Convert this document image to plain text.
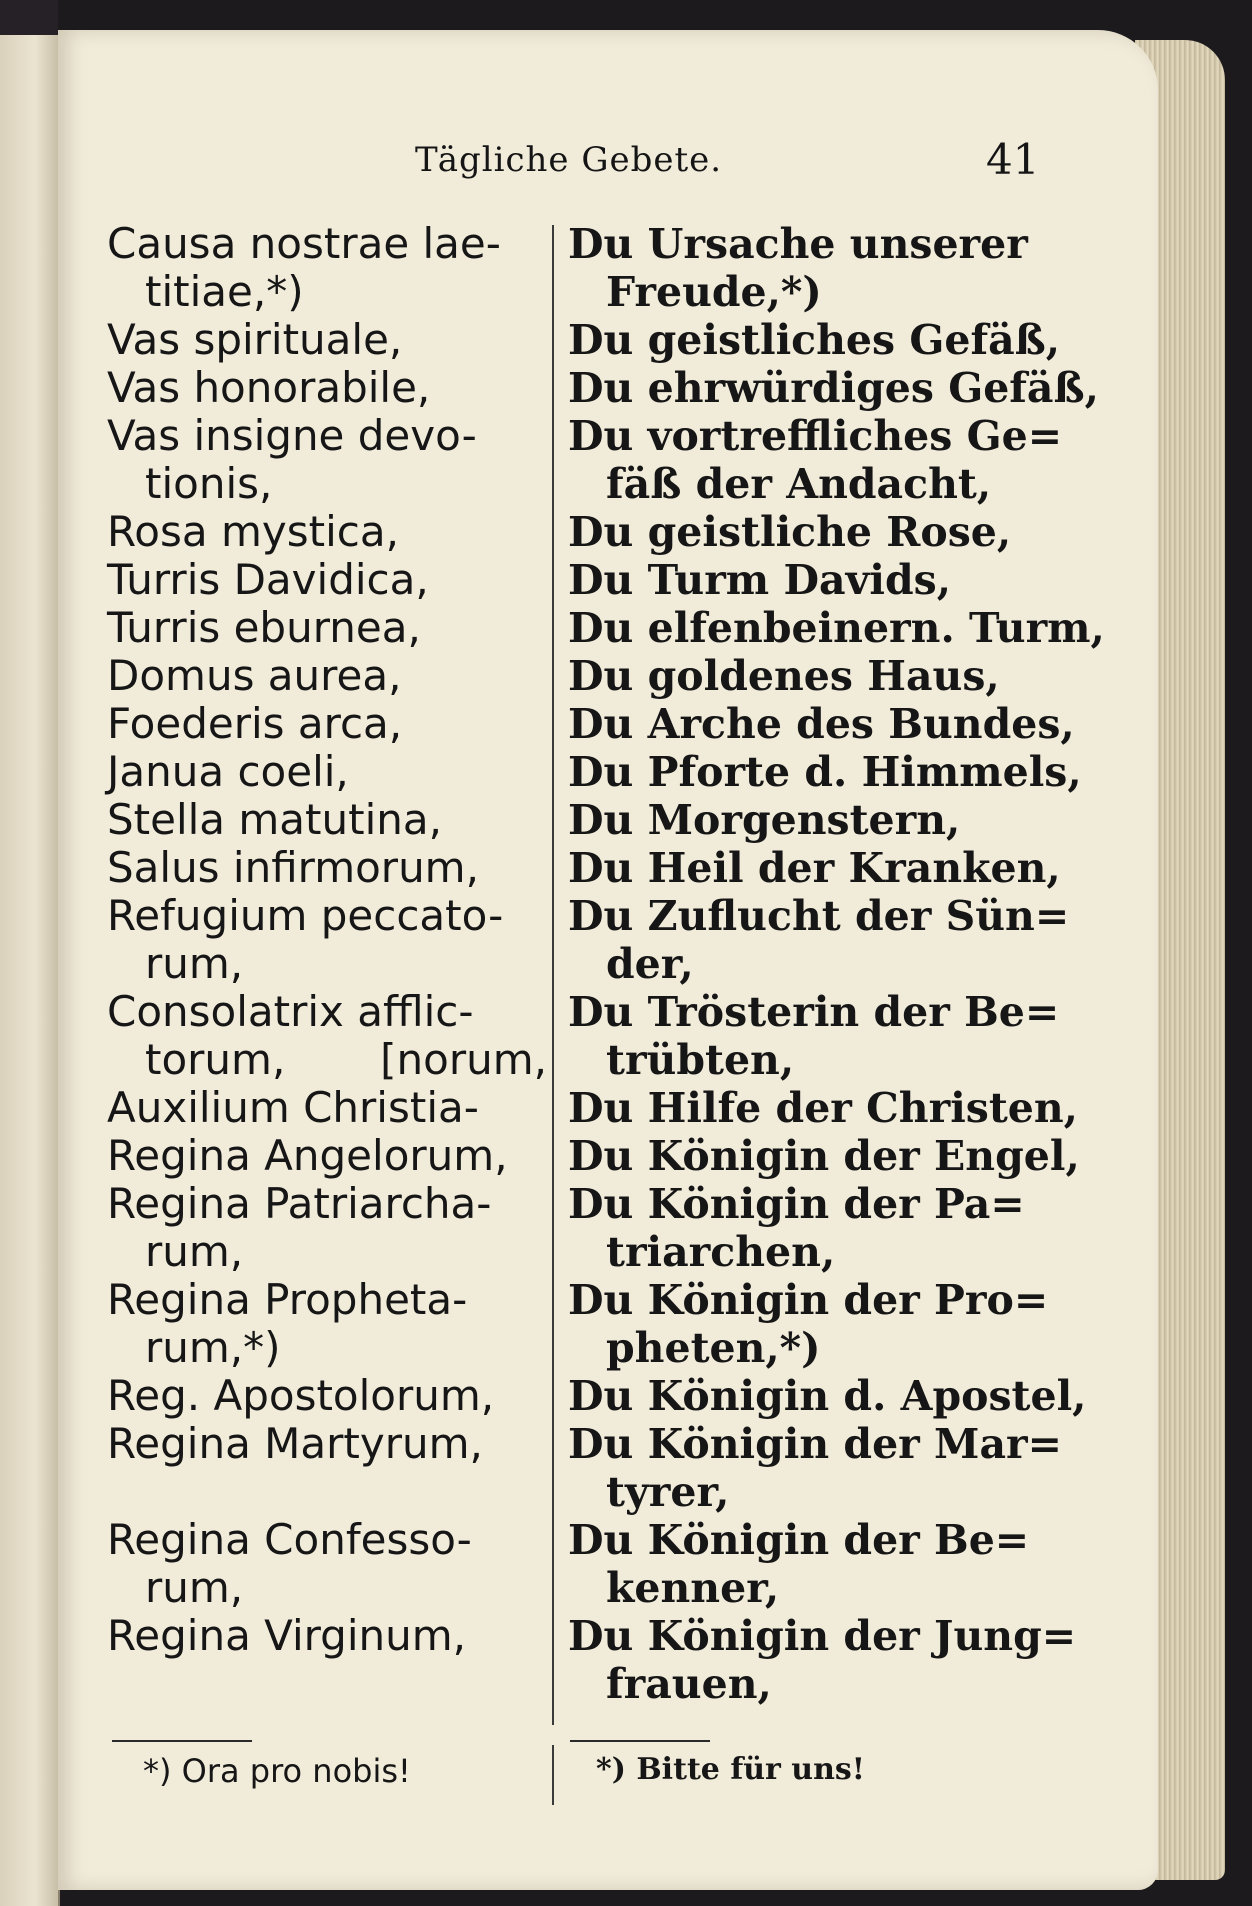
Tägliche Gebete.	41
Causa nostrae lae-
titiae,*)
Vas spirituale,
Vas honorabile,
Vas insigne devo-
tionis,
Rosa mystica,
Turris Davidica,
Turris eburnea,
Domus aurea,
Foederis arca,
Janua coeli,
Stella matutina,
Salus infirmorum,
Refugium peccato-
rum,
Consolatrix afflic-
torum, [norum,
Auxilium Christia-
Regina Angelorum,
Regina Patriarcha-
rum,
Regina Propheta-
rum,*)
Reg. Apostolorum,
Regina Martyrum,
Regina Confesso-
rum,
Regina Virginum,
Du Ursache unserer
Freude,*)
Du geistliches Gefäß,
Du ehrwürdiges Gefäß,
Du vortreffliches Ge=
fäß der Andacht,
Du geistliche Rose,
Du Turm Davids,
Du elfenbeinern. Turm,
Du goldenes Haus,
Du Arche des Bundes,
Du Pforte d. Himmels,
Du Morgenstern,
Du Heil der Kranken,
Du Zuflucht der Sün=
der,
Du Trösterin der Be=
trübten,
Du Hilfe der Christen,
Du Königin der Engel,
Du Königin der Pa=
triarchen,
Du Königin der Pro=
pheten,*)
Du Königin d. Apostel,
Du Königin der Mar=
tyrer,
Du Königin der Be=
kenner,
Du Königin der Jung=
frauen,
*) Ora pro nobis!	*) Bitte für uns!
